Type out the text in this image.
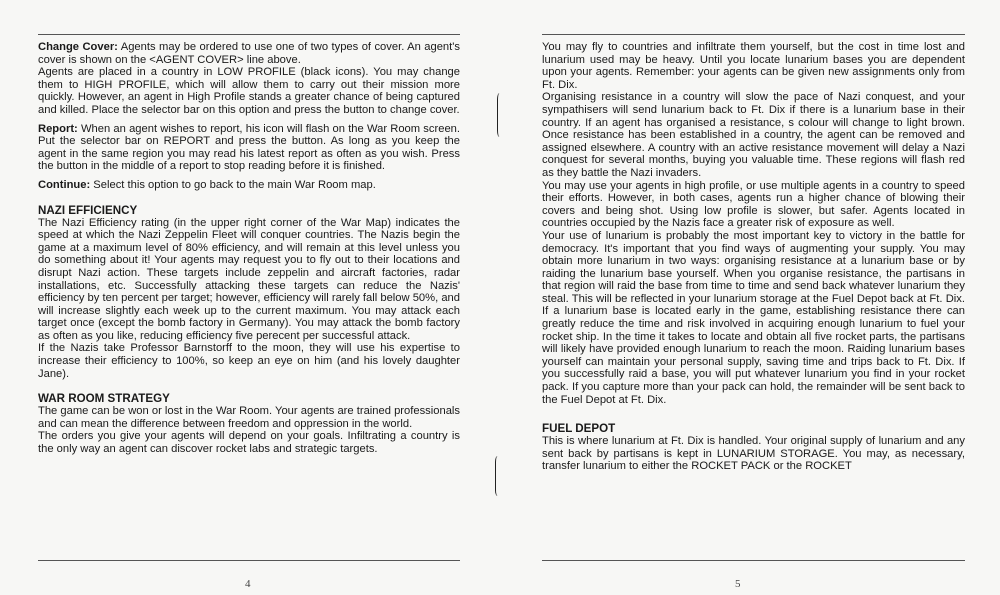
Change Cover: Agents may be ordered to use one of two types of cover. An agent's cover is shown on the <AGENT COVER> line above.

Agents are placed in a country in LOW PROFILE (black icons). You may change them to HIGH PROFILE, which will allow them to carry out their mission more quickly. However, an agent in High Profile stands a greater chance of being captured and killed. Place the selector bar on this option and press the button to change cover.

Report: When an agent wishes to report, his icon will flash on the War Room screen. Put the selector bar on REPORT and press the button. As long as you keep the agent in the same region you may read his latest report as often as you wish. Press the button in the middle of a report to stop reading before it is finished.

Continue: Select this option to go back to the main War Room map.

NAZI EFFICIENCY

The Nazi Efficiency rating (in the upper right corner of the War Map) indicates the speed at which the Nazi Zeppelin Fleet will conquer countries. The Nazis begin the game at a maximum level of 80% efficiency, and will remain at this level unless you do something about it! Your agents may request you to fly out to their locations and disrupt Nazi action. These targets include zeppelin and aircraft factories, radar installations, etc. Successfully attacking these targets can reduce the Nazis' efficiency by ten percent per target; however, efficiency will rarely fall below 50%, and will increase slightly each week up to the current maximum. You may attack each target once (except the bomb factory in Germany). You may attack the bomb factory as often as you like, reducing efficiency five perecent per successful attack.

If the Nazis take Professor Barnstorff to the moon, they will use his expertise to increase their efficiency to 100%, so keep an eye on him (and his lovely daughter Jane).

WAR ROOM STRATEGY

The game can be won or lost in the War Room. Your agents are trained professionals and can mean the difference between freedom and oppression in the world.

The orders you give your agents will depend on your goals. Infiltrating a country is the only way an agent can discover rocket labs and strategic targets.

4

You may fly to countries and infiltrate them yourself, but the cost in time lost and lunarium used may be heavy. Until you locate lunarium bases you are dependent upon your agents. Remember: your agents can be given new assignments only from Ft. Dix.

Organising resistance in a country will slow the pace of Nazi conquest, and your sympathisers will send lunarium back to Ft. Dix if there is a lunarium base in their country. If an agent has organised a resistance, s colour will change to light brown. Once resistance has been established in a country, the agent can be removed and assigned elsewhere. A country with an active resistance movement will delay a Nazi conquest for several months, buying you valuable time. These regions will flash red as they battle the Nazi invaders.

You may use your agents in high profile, or use multiple agents in a country to speed their efforts. However, in both cases, agents run a higher chance of blowing their covers and being shot. Using low profile is slower, but safer. Agents located in countries occupied by the Nazis face a greater risk of exposure as well.

Your use of lunarium is probably the most important key to victory in the battle for democracy. It's important that you find ways of augmenting your supply. You may obtain more lunarium in two ways: organising resistance at a lunarium base or by raiding the lunarium base yourself. When you organise resistance, the partisans in that region will raid the base from time to time and send back whatever lunarium they steal. This will be reflected in your lunarium storage at the Fuel Depot back at Ft. Dix. If a lunarium base is located early in the game, establishing resistance there can greatly reduce the time and risk involved in acquiring enough lunarium to fuel your rocket ship. In the time it takes to locate and obtain all five rocket parts, the partisans will likely have provided enough lunarium to reach the moon. Raiding lunarium bases yourself can maintain your personal supply, saving time and trips back to Ft. Dix. If you successfully raid a base, you will put whatever lunarium you find in your rocket pack. If you capture more than your pack can hold, the remainder will be sent back to the Fuel Depot at Ft. Dix.

FUEL DEPOT

This is where lunarium at Ft. Dix is handled. Your original supply of lunarium and any sent back by partisans is kept in LUNARIUM STORAGE. You may, as necessary, transfer lunarium to either the ROCKET PACK or the ROCKET

5
